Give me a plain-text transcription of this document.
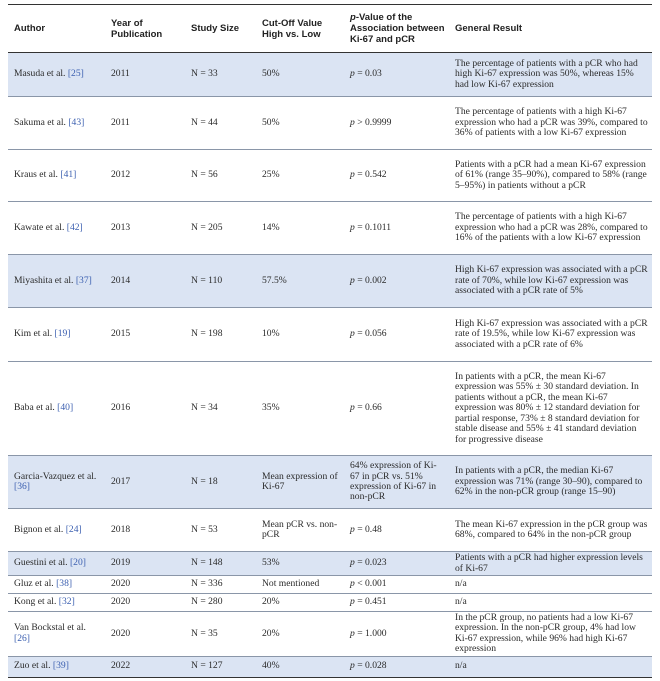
Author	Year of Publication	Study Size	Cut-Off Value High vs. Low	p-Value of the Association between Ki-67 and pCR	General Result
Masuda et al. [25]	2011	N = 33	50%	p = 0.03	The percentage of patients with a pCR who had high Ki-67 expression was 50%, whereas 15% had low Ki-67 expression
Sakuma et al. [43]	2011	N = 44	50%	p > 0.9999	The percentage of patients with a high Ki-67 expression who had a pCR was 39%, compared to 36% of patients with a low Ki-67 expression
Kraus et al. [41]	2012	N = 56	25%	p = 0.542	Patients with a pCR had a mean Ki-67 expression of 61% (range 35–90%), compared to 58% (range 5–95%) in patients without a pCR
Kawate et al. [42]	2013	N = 205	14%	p = 0.1011	The percentage of patients with a high Ki-67 expression who had a pCR was 28%, compared to 16% of the patients with a low Ki-67 expression
Miyashita et al. [37]	2014	N = 110	57.5%	p = 0.002	High Ki-67 expression was associated with a pCR rate of 70%, while low Ki-67 expression was associated with a pCR rate of 5%
Kim et al. [19]	2015	N = 198	10%	p = 0.056	High Ki-67 expression was associated with a pCR rate of 19.5%, while low Ki-67 expression was associated with a pCR rate of 6%
Baba et al. [40]	2016	N = 34	35%	p = 0.66	In patients with a pCR, the mean Ki-67 expression was 55% ± 30 standard deviation. In patients without a pCR, the mean Ki-67 expression was 80% ± 12 standard deviation for partial response, 73% ± 8 standard deviation for stable disease and 55% ± 41 standard deviation for progressive disease
Garcia-Vazquez et al. [36]	2017	N = 18	Mean expression of Ki-67	64% expression of Ki-67 in pCR vs. 51% expression of Ki-67 in non-pCR	In patients with a pCR, the median Ki-67 expression was 71% (range 30–90), compared to 62% in the non-pCR group (range 15–90)
Bignon et al. [24]	2018	N = 53	Mean pCR vs. non-pCR	p = 0.48	The mean Ki-67 expression in the pCR group was 68%, compared to 64% in the non-pCR group
Guestini et al. [20]	2019	N = 148	53%	p = 0.023	Patients with a pCR had higher expression levels of Ki-67
Gluz et al. [38]	2020	N = 336	Not mentioned	p < 0.001	n/a
Kong et al. [32]	2020	N = 280	20%	p = 0.451	n/a
Van Bockstal et al. [26]	2020	N = 35	20%	p = 1.000	In the pCR group, no patients had a low Ki-67 expression. In the non-pCR group, 4% had low Ki-67 expression, while 96% had high Ki-67 expression
Zuo et al. [39]	2022	N = 127	40%	p = 0.028	n/a
